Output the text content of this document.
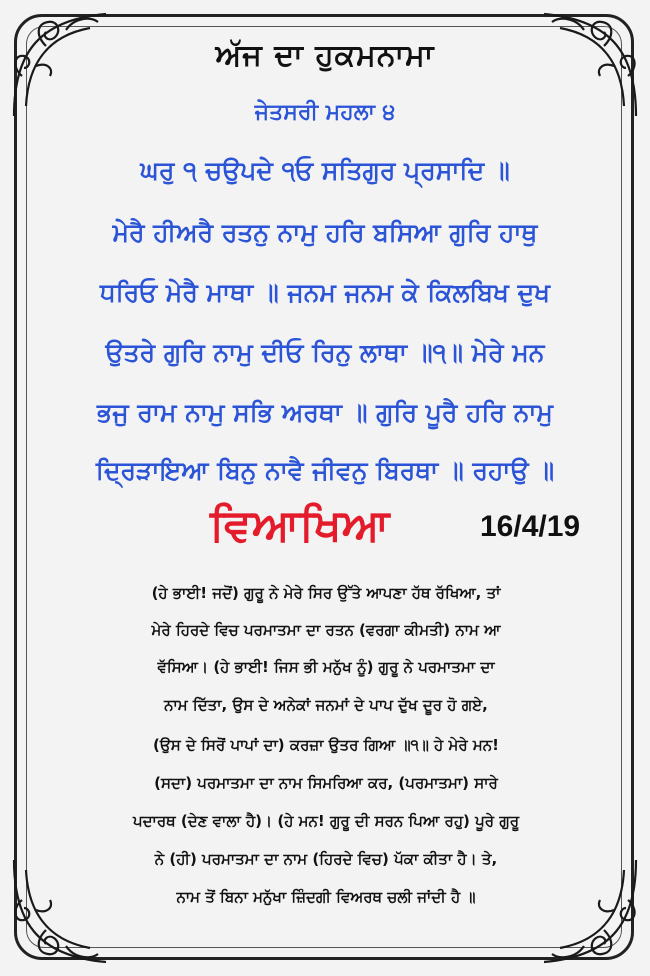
ਅੱਜ ਦਾ ਹੁਕਮਨਾਮਾ
ਜੇਤਸਰੀ ਮਹਲਾ ੪
ਘਰੁ ੧ ਚਉਪਦੇ ੧ਓ ਸਤਿਗੁਰ ਪ੍ਰਸਾਦਿ ॥
ਮੇਰੈ ਹੀਅਰੈ ਰਤਨੁ ਨਾਮੁ ਹਰਿ ਬਸਿਆ ਗੁਰਿ ਹਾਥੁ
ਧਰਿਓ ਮੇਰੈ ਮਾਥਾ ॥ ਜਨਮ ਜਨਮ ਕੇ ਕਿਲਬਿਖ ਦੁਖ
ਉਤਰੇ ਗੁਰਿ ਨਾਮੁ ਦੀਓ ਰਿਨੁ ਲਾਥਾ ॥੧॥ ਮੇਰੇ ਮਨ
ਭਜੁ ਰਾਮ ਨਾਮੁ ਸਭਿ ਅਰਥਾ ॥ ਗੁਰਿ ਪੂਰੈ ਹਰਿ ਨਾਮੁ
ਦ੍ਰਿੜਾਇਆ ਬਿਨੁ ਨਾਵੈ ਜੀਵਨੁ ਬਿਰਥਾ ॥ ਰਹਾਉ ॥
ਵਿਆਖਿਆ	16/4/19
(ਹੇ ਭਾਈ! ਜਦੋਂ) ਗੁਰੂ ਨੇ ਮੇਰੇ ਸਿਰ ਉੱਤੇ ਆਪਣਾ ਹੱਥ ਰੱਖਿਆ, ਤਾਂ
ਮੇਰੇ ਹਿਰਦੇ ਵਿਚ ਪਰਮਾਤਮਾ ਦਾ ਰਤਨ (ਵਰਗਾ ਕੀਮਤੀ) ਨਾਮ ਆ
ਵੱਸਿਆ। (ਹੇ ਭਾਈ! ਜਿਸ ਭੀ ਮਨੁੱਖ ਨੂੰ) ਗੁਰੂ ਨੇ ਪਰਮਾਤਮਾ ਦਾ
ਨਾਮ ਦਿੱਤਾ, ਉਸ ਦੇ ਅਨੇਕਾਂ ਜਨਮਾਂ ਦੇ ਪਾਪ ਦੁੱਖ ਦੂਰ ਹੋ ਗਏ,
(ਉਸ ਦੇ ਸਿਰੋਂ ਪਾਪਾਂ ਦਾ) ਕਰਜ਼ਾ ਉਤਰ ਗਿਆ ॥੧॥ ਹੇ ਮੇਰੇ ਮਨ!
(ਸਦਾ) ਪਰਮਾਤਮਾ ਦਾ ਨਾਮ ਸਿਮਰਿਆ ਕਰ, (ਪਰਮਾਤਮਾ) ਸਾਰੇ
ਪਦਾਰਥ (ਦੇਣ ਵਾਲਾ ਹੈ)। (ਹੇ ਮਨ! ਗੁਰੂ ਦੀ ਸਰਨ ਪਿਆ ਰਹੁ) ਪੂਰੇ ਗੁਰੂ
ਨੇ (ਹੀ) ਪਰਮਾਤਮਾ ਦਾ ਨਾਮ (ਹਿਰਦੇ ਵਿਚ) ਪੱਕਾ ਕੀਤਾ ਹੈ। ਤੇ,
ਨਾਮ ਤੋਂ ਬਿਨਾ ਮਨੁੱਖਾ ਜ਼ਿੰਦਗੀ ਵਿਅਰਥ ਚਲੀ ਜਾਂਦੀ ਹੈ ॥
